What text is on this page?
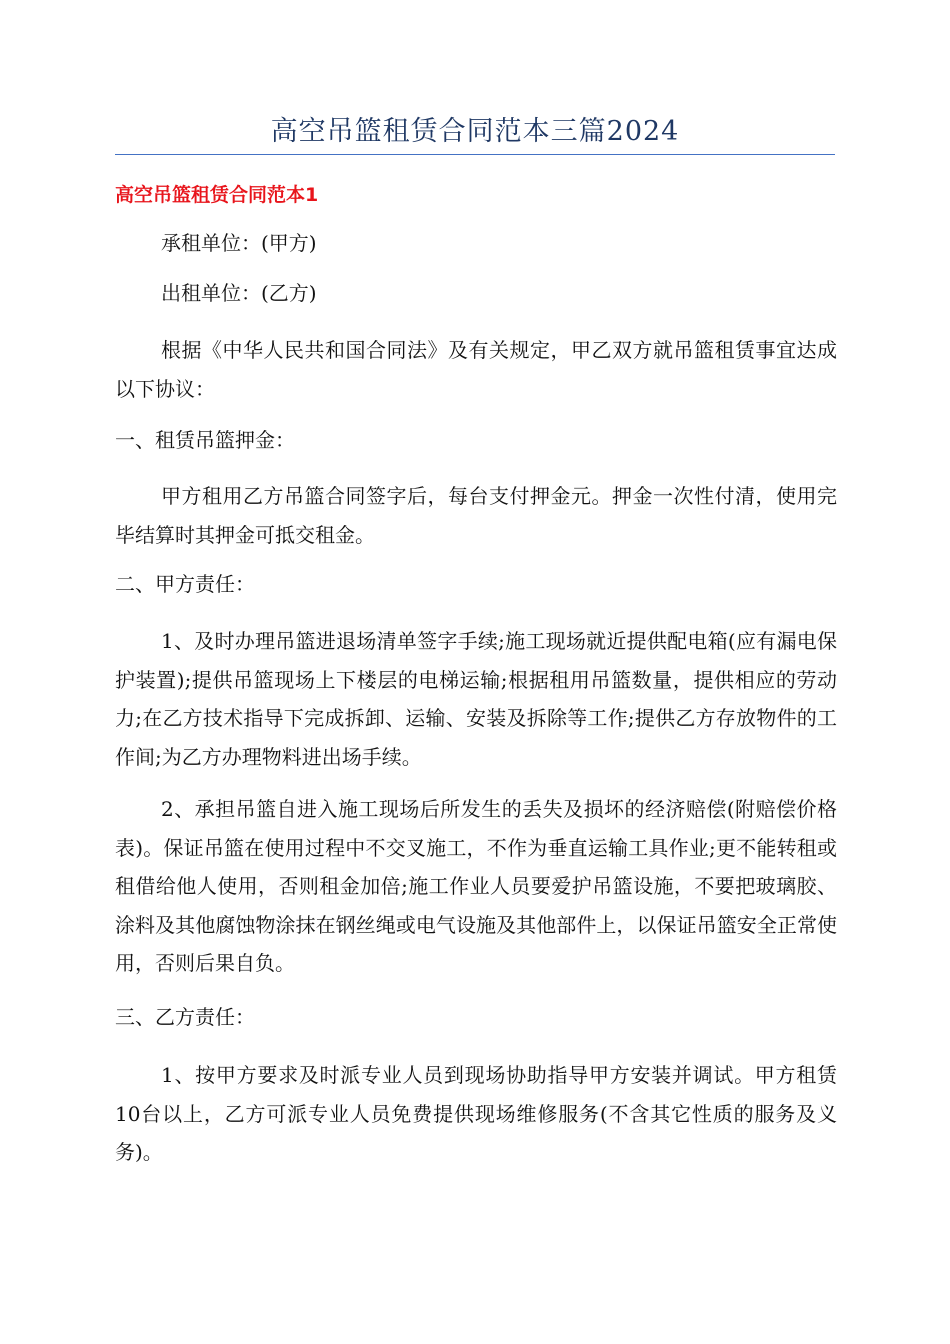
高空吊篮租赁合同范本三篇2024
高空吊篮租赁合同范本1

承租单位：(甲方)

出租单位：(乙方)

根据《中华人民共和国合同法》及有关规定，甲乙双方就吊篮租赁事宜达成以下协议：

一、租赁吊篮押金：

甲方租用乙方吊篮合同签字后，每台支付押金元。押金一次性付清，使用完毕结算时其押金可抵交租金。

二、甲方责任：

1、及时办理吊篮进退场清单签字手续;施工现场就近提供配电箱(应有漏电保护装置);提供吊篮现场上下楼层的电梯运输;根据租用吊篮数量，提供相应的劳动力;在乙方技术指导下完成拆卸、运输、安装及拆除等工作;提供乙方存放物件的工作间;为乙方办理物料进出场手续。

2、承担吊篮自进入施工现场后所发生的丢失及损坏的经济赔偿(附赔偿价格表)。保证吊篮在使用过程中不交叉施工，不作为垂直运输工具作业;更不能转租或租借给他人使用，否则租金加倍;施工作业人员要爱护吊篮设施，不要把玻璃胶、涂料及其他腐蚀物涂抹在钢丝绳或电气设施及其他部件上，以保证吊篮安全正常使用，否则后果自负。

三、乙方责任：

1、按甲方要求及时派专业人员到现场协助指导甲方安装并调试。甲方租赁10台以上，乙方可派专业人员免费提供现场维修服务(不含其它性质的服务及义务)。
